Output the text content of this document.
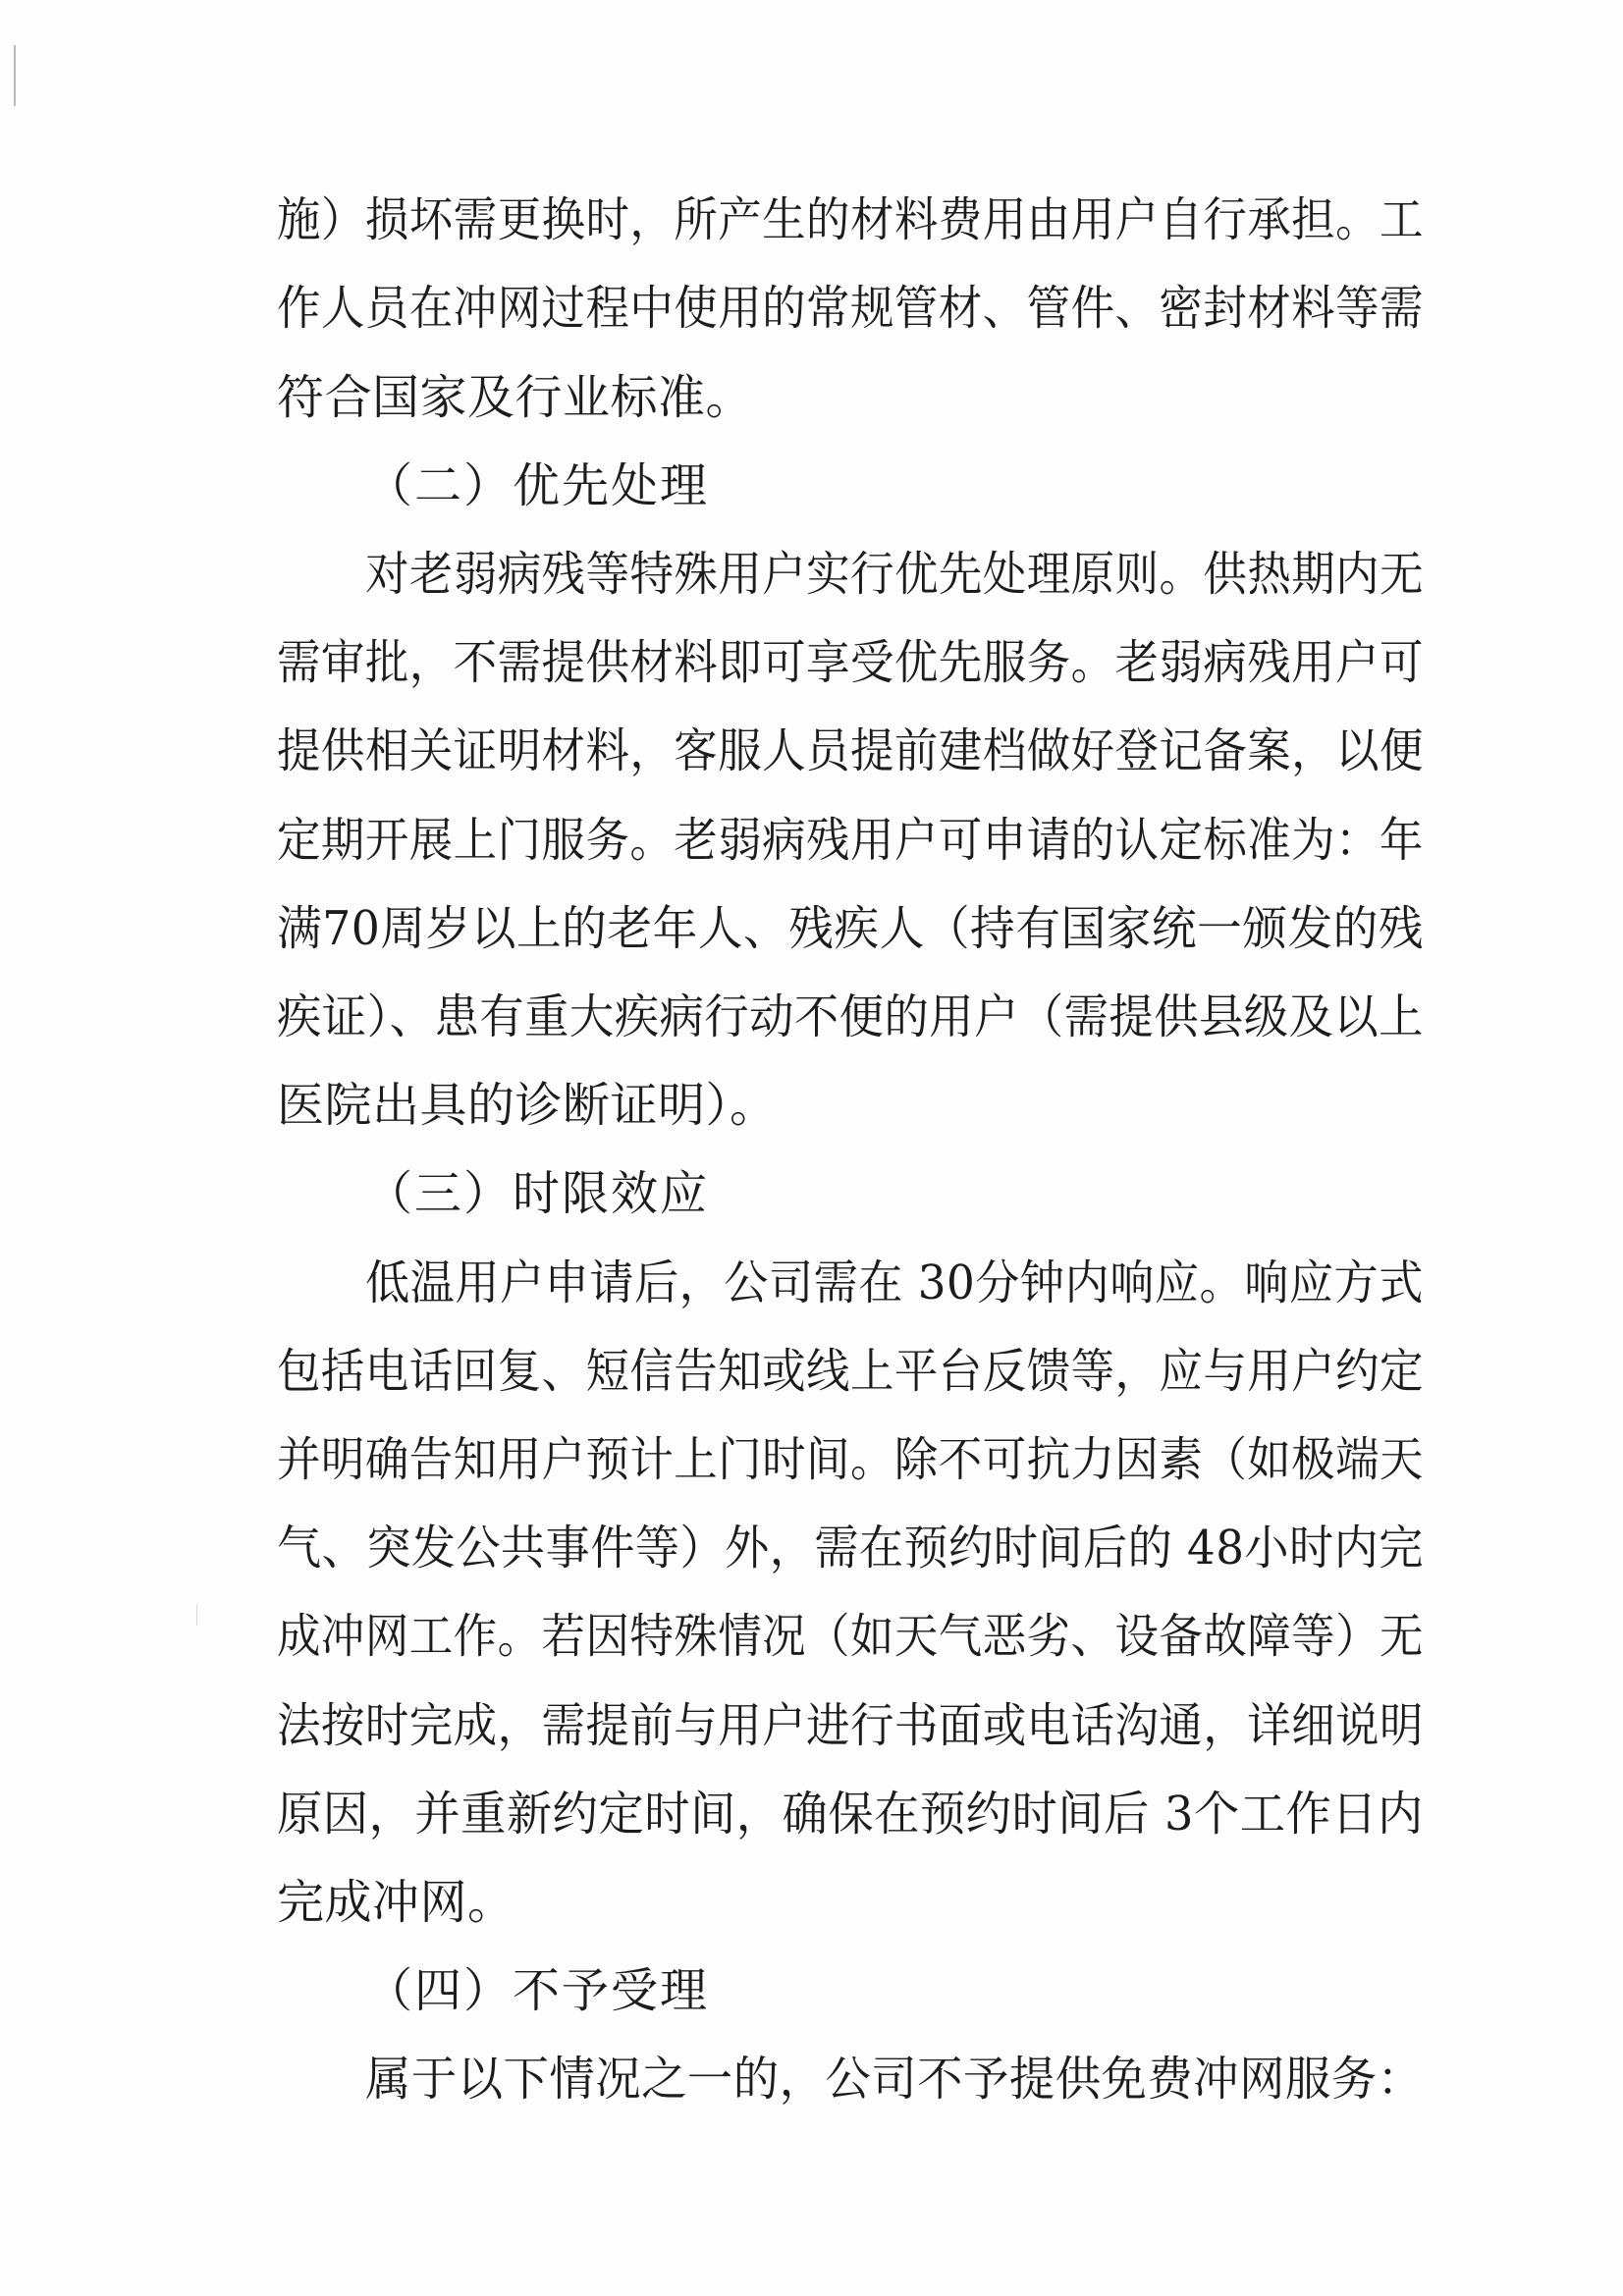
施）损坏需更换时，所产生的材料费用由用户自行承担。工

作人员在冲网过程中使用的常规管材、管件、密封材料等需

符合国家及行业标准。

（二）优先处理

对老弱病残等特殊用户实行优先处理原则。供热期内无

需审批，不需提供材料即可享受优先服务。老弱病残用户可

提供相关证明材料，客服人员提前建档做好登记备案，以便

定期开展上门服务。老弱病残用户可申请的认定标准为：年

满70周岁以上的老年人、残疾人（持有国家统一颁发的残

疾证）、患有重大疾病行动不便的用户（需提供县级及以上

医院出具的诊断证明）。

（三）时限效应

低温用户申请后，公司需在 30分钟内响应。响应方式

包括电话回复、短信告知或线上平台反馈等，应与用户约定

并明确告知用户预计上门时间。除不可抗力因素（如极端天

气、突发公共事件等）外，需在预约时间后的 48小时内完

成冲网工作。若因特殊情况（如天气恶劣、设备故障等）无

法按时完成，需提前与用户进行书面或电话沟通，详细说明

原因，并重新约定时间，确保在预约时间后 3个工作日内

完成冲网。

（四）不予受理

属于以下情况之一的，公司不予提供免费冲网服务：
